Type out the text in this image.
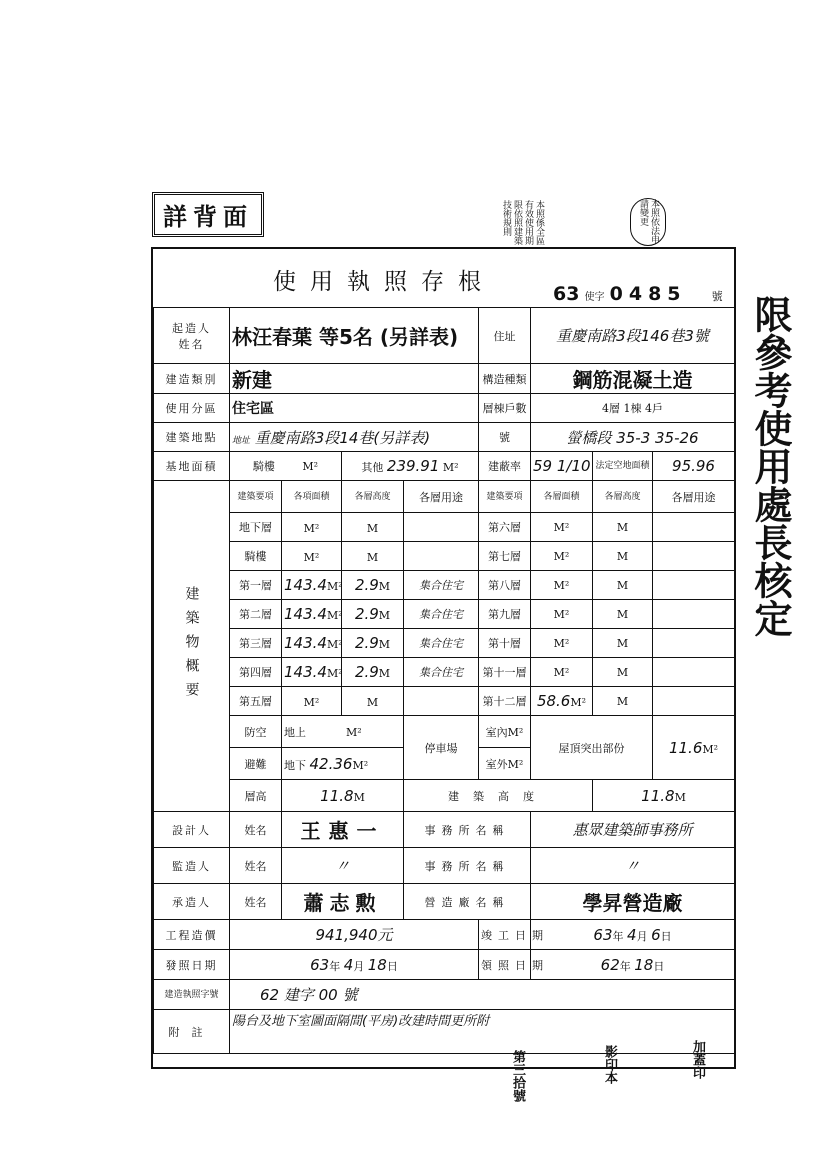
詳背面	本照係全區有效使用期限依照建築技術規則	本照依法申請變更
使用執照存根	63 使字 0485 號
起造人
姓名	林汪春葉 等5名 (另詳表)				住址	重慶南路3段146巷3號		
建造類別	新建				構造種類	鋼筋混凝土造		
使用分區	住宅區				層棟戶數	4層 1棟 4戶		
建築地點	地址 重慶南路3段14巷(另詳表)				號	螢橋段 35-3 35-26		
基地面積	騎樓 M²		其他 239.91 M²		建蔽率	59 1/10	法定空地面積	95.96
建築物概要	建築要項	各項面積	各層高度	各層用途	建築要項	各層面積	各層高度	各層用途
	地下層	M²	M		第六層	M²	M	
	騎樓	M²	M		第七層	M²	M	
	第一層	143.4M²	2.9M	集合住宅	第八層	M²	M	
	第二層	143.4M²	2.9M	集合住宅	第九層	M²	M	
	第三層	143.4M²	2.9M	集合住宅	第十層	M²	M	
	第四層	143.4M²	2.9M	集合住宅	第十一層	M²	M	
	第五層	M²	M		第十二層	58.6M²	M	
	防空	地上 M²		停車場	室內M²	屋頂突出部份		11.6M²
	避難	地下 42.36M²			室外M²			
	層高	11.8M		建築高度			11.8M	
設計人	姓名	王惠一		事務所名稱		惠眾建築師事務所		
監造人	姓名	〃		事務所名稱		〃		
承造人	姓名	蕭志勲		營造廠名稱		學昇營造廠		
工程造價	941,940元				竣工日期	63年 4月 6日		
發照日期	63年 4月 18日				領照日期	62年 18日		
建造執照字號	62 建字 00 號							
附註	陽台及地下室圖面隔間(平房)改建時間更所附							
限參考使用處長核定
第三拾號	影印本	加蓋印
